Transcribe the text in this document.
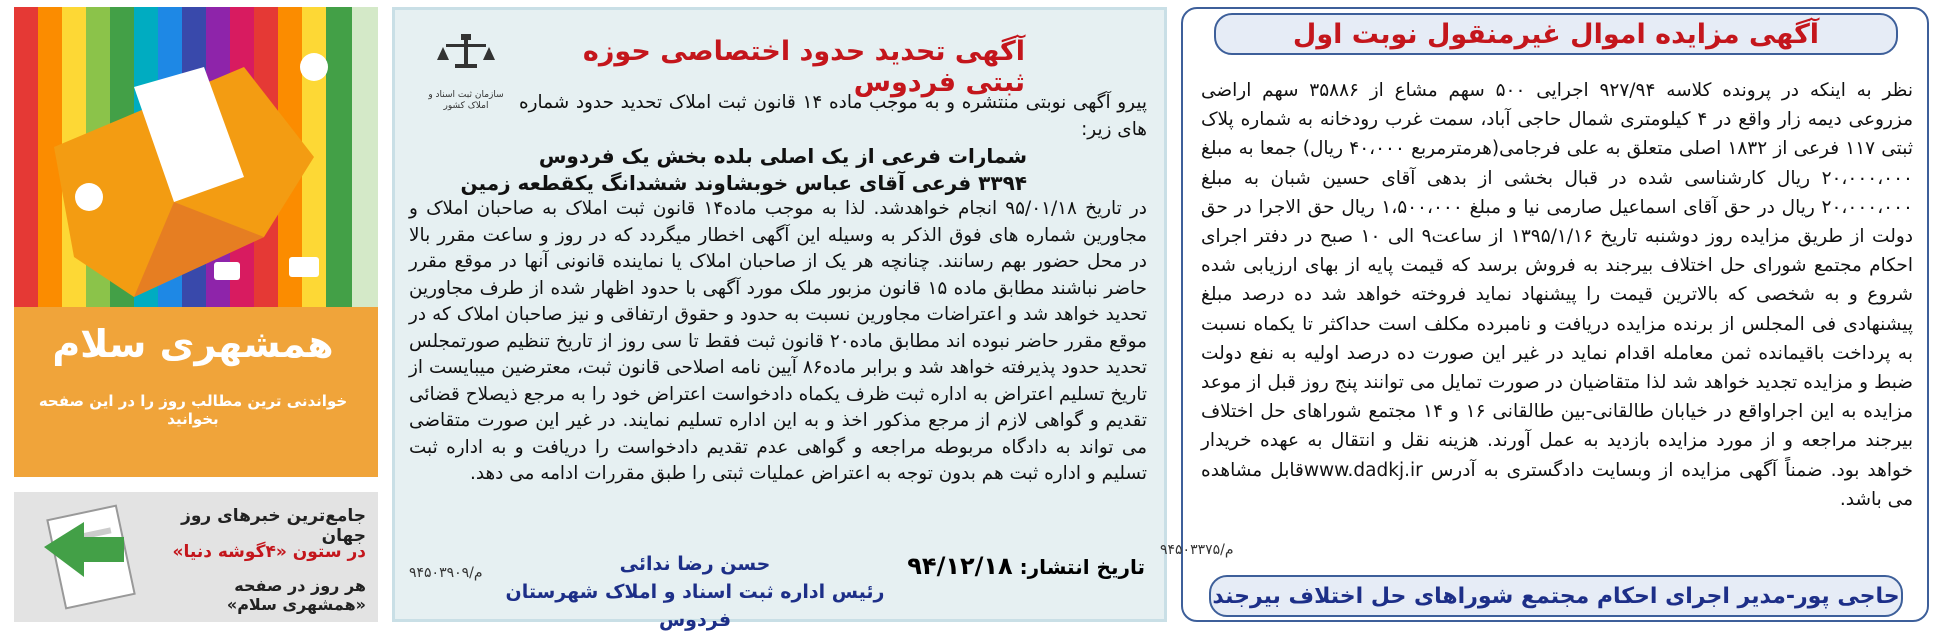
همشهری سلام
خواندنی ترین مطالب روز را در این صفحه بخوانید
جامع‌ترین خبرهای روز جهان
در ستون «۴گوشه دنیا»
هر روز در صفحه «همشهری سلام»
آگهی تحدید حدود اختصاصی حوزه ثبتی فردوس
سازمان ثبت اسناد و املاک کشور	پیرو آگهی نوبتی منتشره و به موجب ماده ۱۴ قانون ثبت املاک تحدید حدود شماره های زیر:
شمارات فرعی از یک اصلی بلده بخش یک فردوس
۳۳۹۴ فرعی آقای عباس خوبشاوند ششدانگ یکقطعه زمین
در تاریخ ۹۵/۰۱/۱۸ انجام خواهدشد. لذا به موجب ماده۱۴ قانون ثبت املاک به صاحبان املاک و مجاورین شماره های فوق الذکر به وسیله این آگهی اخطار میگردد که در روز و ساعت مقرر بالا در محل حضور بهم رسانند. چنانچه هر یک از صاحبان املاک یا نماینده قانونی آنها در موقع مقرر حاضر نباشند مطابق ماده ۱۵ قانون مزبور ملک مورد آگهی با حدود اظهار شده از طرف مجاورین تحدید خواهد شد و اعتراضات مجاورین نسبت به حدود و حقوق ارتفاقی و نیز صاحبان املاک که در موقع مقرر حاضر نبوده اند مطابق ماده۲۰ قانون ثبت فقط تا سی روز از تاریخ تنظیم صورتمجلس تحدید حدود پذیرفته خواهد شد و برابر ماده۸۶ آیین نامه اصلاحی قانون ثبت، معترضین میبایست از تاریخ تسلیم اعتراض به اداره ثبت ظرف یکماه دادخواست اعتراض خود را به مرجع ذیصلاح قضائی تقدیم و گواهی لازم از مرجع مذکور اخذ و به این اداره تسلیم نمایند. در غیر این صورت متقاضی می تواند به دادگاه مربوطه مراجعه و گواهی عدم تقدیم دادخواست را دریافت و به اداره ثبت تسلیم و اداره ثبت هم بدون توجه به اعتراض عملیات ثبتی را طبق مقررات ادامه می دهد.
تاریخ انتشار: ۹۴/۱۲/۱۸
حسن رضا ندائی
رئیس اداره ثبت اسناد و املاک شهرستان فردوس
م/۹۴۵۰۳۹۰۹
آگهی مزایده اموال غیرمنقول نوبت اول
نظر به اینکه در پرونده کلاسه ۹۲۷/۹۴ اجرایی ۵۰۰ سهم مشاع از ۳۵۸۸۶ سهم اراضی مزروعی دیمه زار واقع در ۴ کیلومتری شمال حاجی آباد، سمت غرب رودخانه به شماره پلاک ثبتی ۱۱۷ فرعی از ۱۸۳۲ اصلی متعلق به علی فرجامی(هرمترمربع ۴۰،۰۰۰ ریال) جمعا به مبلغ ۲۰،۰۰۰،۰۰۰ ریال کارشناسی شده در قبال بخشی از بدهی آقای حسین شبان به مبلغ ۲۰،۰۰۰،۰۰۰ ریال در حق آقای اسماعیل صارمی نیا و مبلغ ۱،۵۰۰،۰۰۰ ریال حق الاجرا در حق دولت از طریق مزایده روز دوشنبه تاریخ ۱۳۹۵/۱/۱۶ از ساعت۹ الی ۱۰ صبح در دفتر اجرای احکام مجتمع شورای حل اختلاف بیرجند به فروش برسد که قیمت پایه از بهای ارزیابی شده شروع و به شخصی که بالاترین قیمت را پیشنهاد نماید فروخته خواهد شد ده درصد مبلغ پیشنهادی فی المجلس از برنده مزایده دریافت و نامبرده مکلف است حداکثر تا یکماه نسبت به پرداخت باقیمانده ثمن معامله اقدام نماید در غیر این صورت ده درصد اولیه به نفع دولت ضبط و مزایده تجدید خواهد شد لذا متقاضیان در صورت تمایل می توانند پنج روز قبل از موعد مزایده به این اجراواقع در خیابان طالقانی-بین طالقانی ۱۶ و ۱۴ مجتمع شوراهای حل اختلاف بیرجند مراجعه و از مورد مزایده بازدید به عمل آورند. هزینه نقل و انتقال به عهده خریدار خواهد بود. ضمناً آگهی مزایده از وبسایت دادگستری به آدرس www.dadkj.irقابل مشاهده می باشد.
حاجی پور-مدیر اجرای احکام مجتمع شوراهای حل اختلاف بیرجند
م/۹۴۵۰۳۳۷۵
